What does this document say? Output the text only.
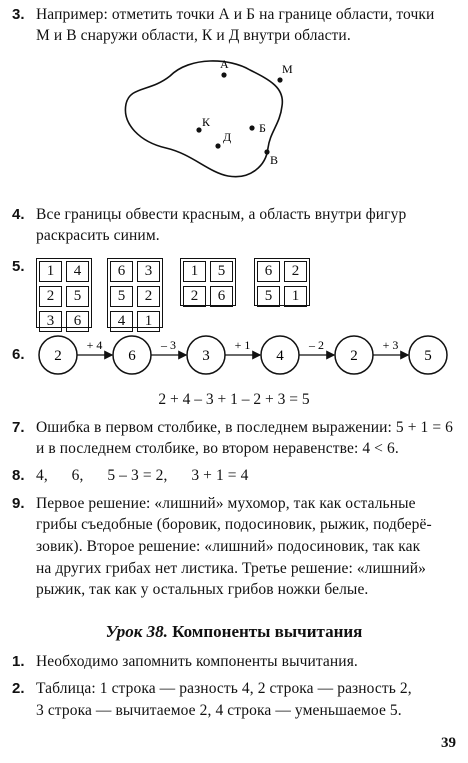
3. Например: отметить точки А и Б на границе области, точки
М и В снаружи области, К и Д внутри области.
А	М
К
Д
Б
В
4. Все границы обвести красным, а область внутри фигур
раскрасить синим.
5.	1	4
2	5
3	6
6	3
5	2
4	1
1	5
2	6
6	2
5	1
6. 2
+ 4
6
– 3
3
+ 1
4
– 2
2
+ 3
5
2 + 4 – 3 + 1 – 2 + 3 = 5
7. Ошибка в первом столбике, в последнем выражении: 5 + 1 = 6
и в последнем столбике, во втором неравенстве: 4 < 6.
8. 4,      6,      5 – 3 = 2,      3 + 1 = 4
9. Первое решение: «лишний» мухомор, так как остальные
грибы съедобные (боровик, подосиновик, рыжик, подберё-
зовик). Второе решение: «лишний» подосиновик, так как
на других грибах нет листика. Третье решение: «лишний»
рыжик, так как у остальных грибов ножки белые.
Урок 38. Компоненты вычитания
1. Необходимо запомнить компоненты вычитания.
2. Таблица: 1 строка — разность 4, 2 строка — разность 2,
3 строка — вычитаемое 2, 4 строка — уменьшаемое 5.
39
